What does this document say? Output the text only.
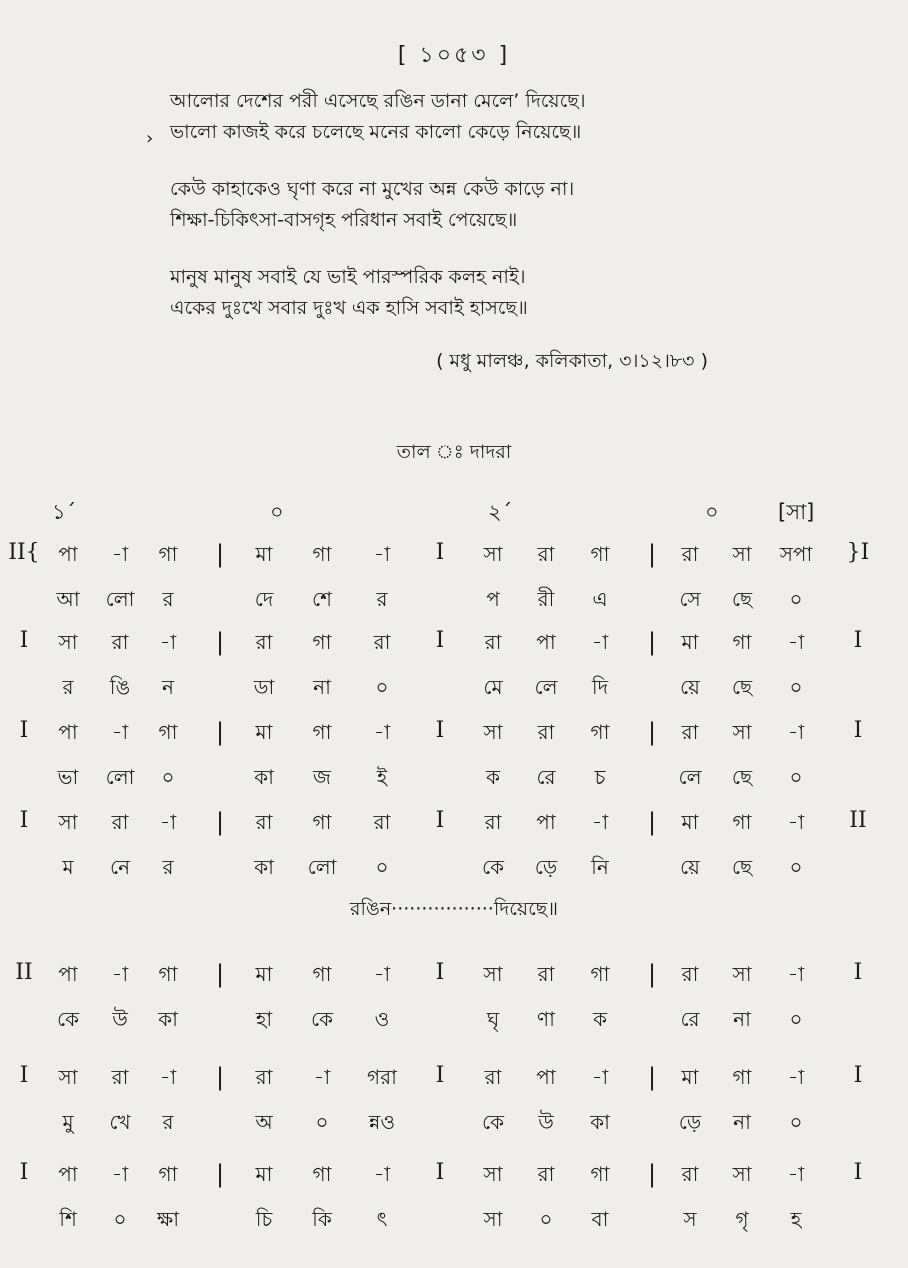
[ ১০৫৩ ]
আলোর দেশের পরী এসেছে রঙিন ডানা মেলে’ দিয়েছে।
ভালো কাজই করে চলেছে মনের কালো কেড়ে নিয়েছে॥
কেউ কাহাকেও ঘৃণা করে না মুখের অন্ন কেউ কাড়ে না।
শিক্ষা-চিকিৎসা-বাসগৃহ পরিধান সবাই পেয়েছে॥
মানুষ মানুষ সবাই যে ভাই পারস্পরিক কলহ নাই।
একের দুঃখে সবার দুঃখ এক হাসি সবাই হাসছে॥
( মধু মালঞ্চ, কলিকাতা, ৩।১২।৮৩ )
তাল ঃ দাদরা
১´	০	২´	০	[সা]
II{ পা -া গা | মা গা -া I সা রা গা | রা সা সপা }I
আ লো র	দে শে র	প রী এ	সে ছে ০
I সা রা -া | রা গা রা I রা পা -া | মা গা -া I
র ঙি ন	ডা না ০	মে লে দি	য়ে ছে ০
I পা -া গা | মা গা -া I সা রা গা | রা সা -া I
ভা লো ০	কা জ ই	ক রে চ	লে ছে ০
I সা রা -া | রা গা রা I রা পা -া | মা গা -া II
ম নে র	কা লো ০	কে ড়ে নি	য়ে ছে ০
II পা -া গা | মা গা -া I সা রা গা | রা সা -া I
কে উ কা	হা কে ও	ঘৃ ণা ক	রে না ০
I সা রা -া | রা -া গরা I রা পা -া | মা গা -া I
মু খে র	অ ০ ন্নও	কে উ কা	ড়ে না ০
I পা -া গা | মা গা -া I সা রা গা | রা সা -া I
শি ০ ক্ষা	চি কি ৎ	সা ০ বা	স গৃ হ
রঙিন·················দিয়েছে॥
›
